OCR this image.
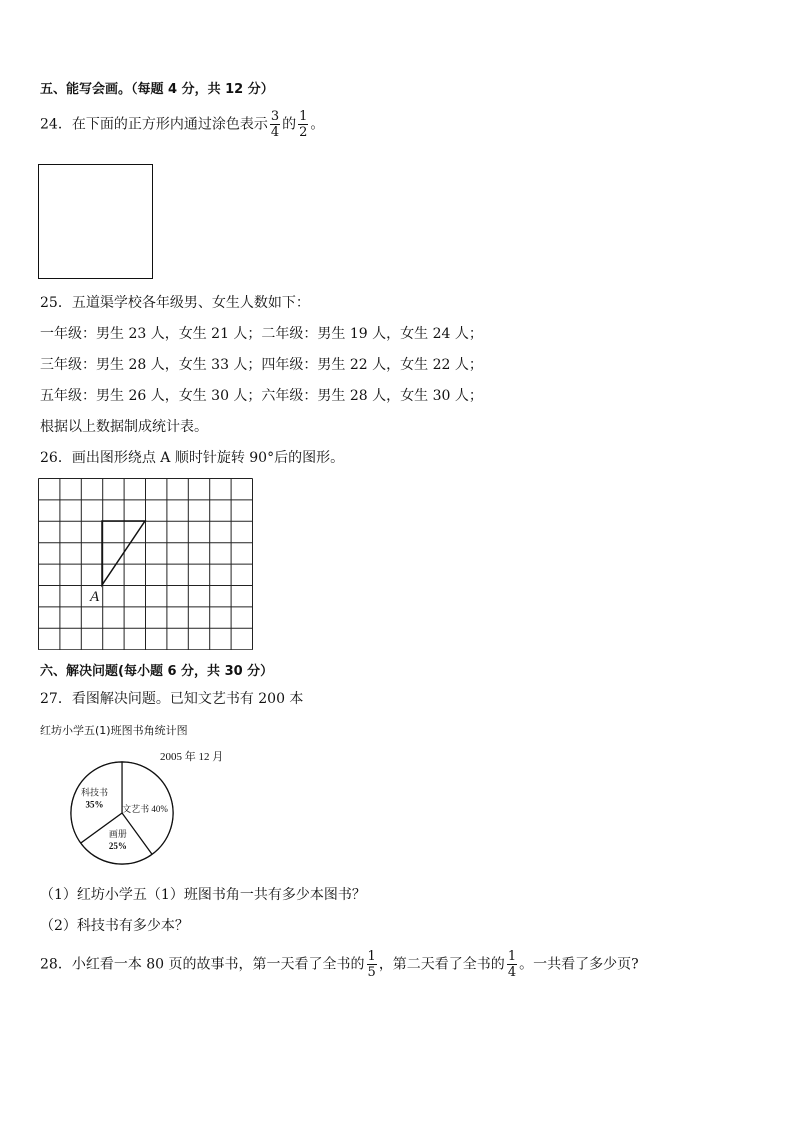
五、能写会画。（每题 4 分，共 12 分）
24．在下面的正方形内通过涂色表示 $\frac{3}{4}$ 的 $\frac{1}{2}$ 。
25．五道渠学校各年级男、女生人数如下：
一年级：男生 23 人，女生 21 人；二年级：男生 19 人，女生 24 人；
三年级：男生 28 人，女生 33 人；四年级：男生 22 人，女生 22 人；
五年级：男生 26 人，女生 30 人；六年级：男生 28 人，女生 30 人；
根据以上数据制成统计表。
26．画出图形绕点 A 顺时针旋转 90°后的图形。
A
六、解决问题(每小题 6 分，共 30 分）
27．看图解决问题。已知文艺书有 200 本
红坊小学五(1)班图书角统计图
2005 年 12 月
文艺书 40%
画册
25%
科技书
35%
（1）红坊小学五（1）班图书角一共有多少本图书？
（2）科技书有多少本？
28．小红看一本 80 页的故事书，第一天看了全书的 $\frac{1}{5}$ ，第二天看了全书的 $\frac{1}{4}$ 。一共看了多少页?
